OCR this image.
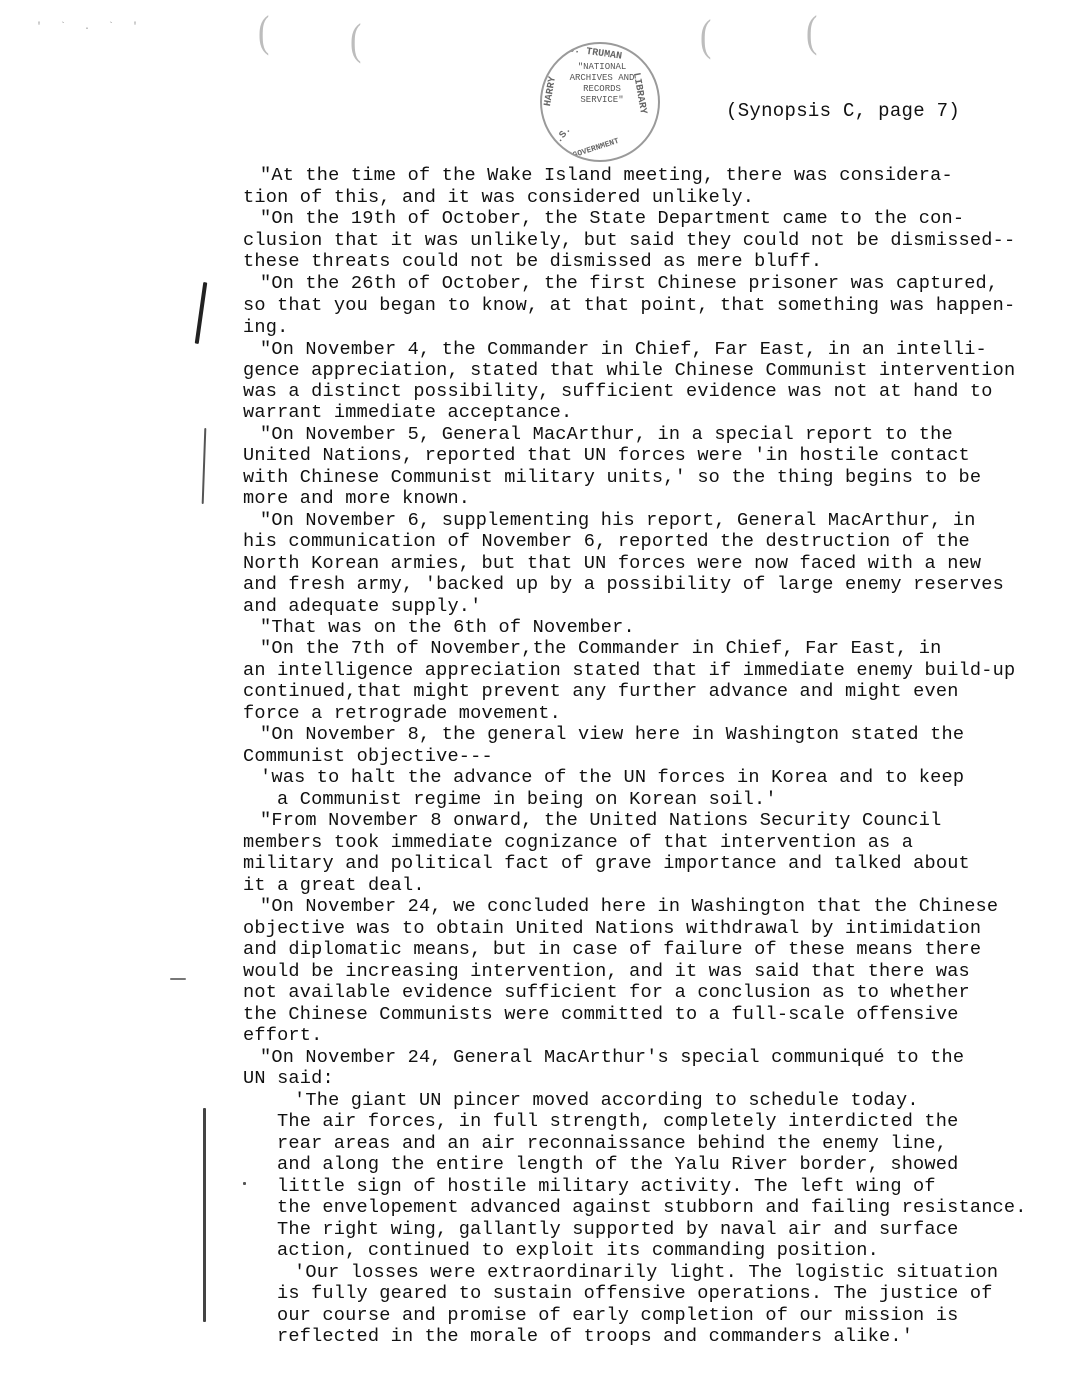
' ` . ` '	( (	(	(
S. TRUMAN
HARRY	LIBRARY
U.S.
GOVERNMENT
"NATIONAL
ARCHIVES AND
RECORDS
SERVICE"	(Synopsis C, page 7)
"At the time of the Wake Island meeting, there was considera-
tion of this, and it was considered unlikely.
"On the 19th of October, the State Department came to the con-
clusion that it was unlikely, but said they could not be dismissed--
these threats could not be dismissed as mere bluff.
"On the 26th of October, the first Chinese prisoner was captured,
so that you began to know, at that point, that something was happen-
ing.
"On November 4, the Commander in Chief, Far East, in an intelli-
gence appreciation, stated that while Chinese Communist intervention
was a distinct possibility, sufficient evidence was not at hand to
warrant immediate acceptance.
"On November 5, General MacArthur, in a special report to the
United Nations, reported that UN forces were 'in hostile contact
with Chinese Communist military units,' so the thing begins to be
more and more known.
"On November 6, supplementing his report, General MacArthur, in
his communication of November 6, reported the destruction of the
North Korean armies, but that UN forces were now faced with a new
and fresh army, 'backed up by a possibility of large enemy reserves
and adequate supply.'
"That was on the 6th of November.
"On the 7th of November,the Commander in Chief, Far East, in
an intelligence appreciation stated that if immediate enemy build-up
continued,that might prevent any further advance and might even
force a retrograde movement.
"On November 8, the general view here in Washington stated the
Communist objective---
'was to halt the advance of the UN forces in Korea and to keep
a Communist regime in being on Korean soil.'
"From November 8 onward, the United Nations Security Council
members took immediate cognizance of that intervention as a
military and political fact of grave importance and talked about
it a great deal.
"On November 24, we concluded here in Washington that the Chinese
objective was to obtain United Nations withdrawal by intimidation
and diplomatic means, but in case of failure of these means there
would be increasing intervention, and it was said that there was
not available evidence sufficient for a conclusion as to whether
the Chinese Communists were committed to a full-scale offensive
effort.
"On November 24, General MacArthur's special communiqué to the
UN said:
'The giant UN pincer moved according to schedule today.
The air forces, in full strength, completely interdicted the
rear areas and an air reconnaissance behind the enemy line,
and along the entire length of the Yalu River border, showed
little sign of hostile military activity. The left wing of
the envelopement advanced against stubborn and failing resistance.
The right wing, gallantly supported by naval air and surface
action, continued to exploit its commanding position.
'Our losses were extraordinarily light. The logistic situation
is fully geared to sustain offensive operations. The justice of
our course and promise of early completion of our mission is
reflected in the morale of troops and commanders alike.'
